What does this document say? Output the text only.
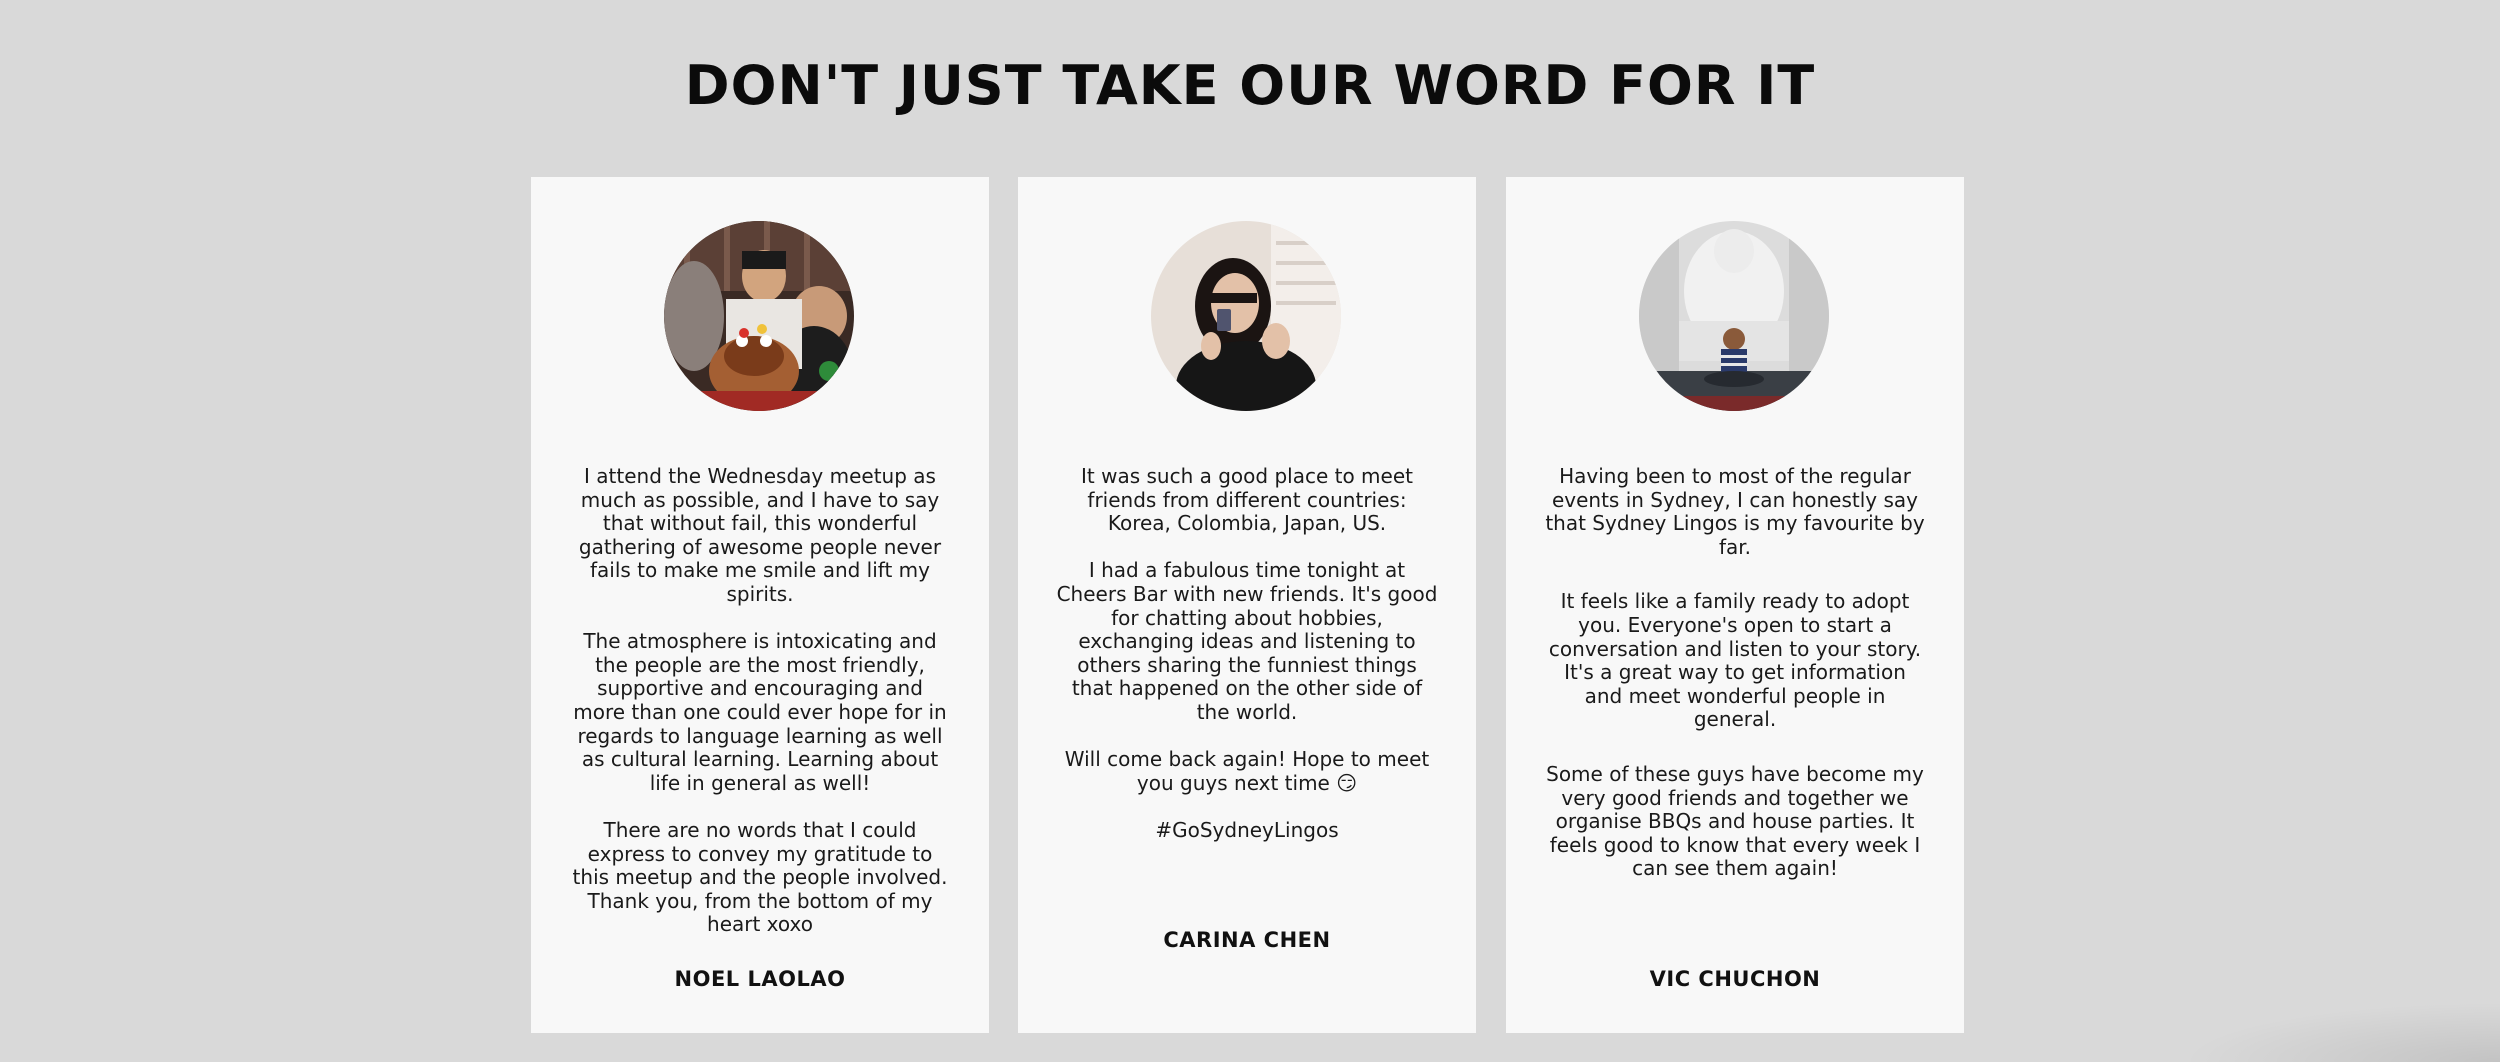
DON'T JUST TAKE OUR WORD FOR IT

I attend the Wednesday meetup as much as possible, and I have to say that without fail, this wonderful gathering of awesome people never fails to make me smile and lift my spirits.

The atmosphere is intoxicating and the people are the most friendly, supportive and encouraging and more than one could ever hope for in regards to language learning as well as cultural learning. Learning about life in general as well!

There are no words that I could express to convey my gratitude to this meetup and the people involved. Thank you, from the bottom of my heart xoxo

NOEL LAOLAO

It was such a good place to meet friends from different countries: Korea, Colombia, Japan, US.

I had a fabulous time tonight at Cheers Bar with new friends. It's good for chatting about hobbies, exchanging ideas and listening to others sharing the funniest things that happened on the other side of the world.

Will come back again! Hope to meet you guys next time 😏

#GoSydneyLingos

CARINA CHEN

Having been to most of the regular events in Sydney, I can honestly say that Sydney Lingos is my favourite by far.

It feels like a family ready to adopt you. Everyone's open to start a conversation and listen to your story. It's a great way to get information and meet wonderful people in general.

Some of these guys have become my very good friends and together we organise BBQs and house parties. It feels good to know that every week I can see them again!

VIC CHUCHON
